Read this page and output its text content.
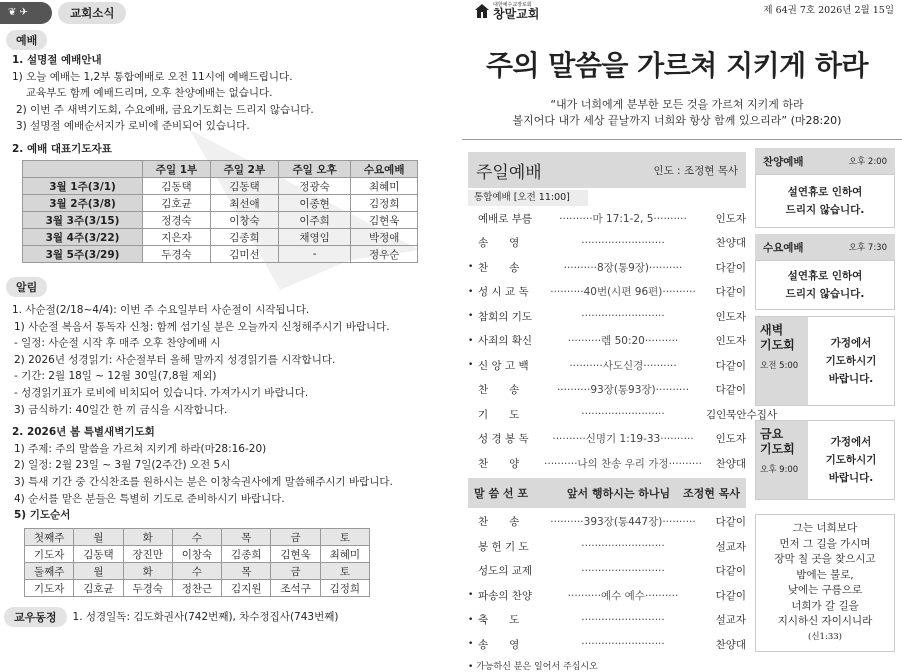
❦ ✈	교회소식
예배
1. 설명절 예배안내
1) 오늘 예배는 1,2부 통합예배로 오전 11시에 예배드립니다.
교육부도 함께 예배드리며, 오후 찬양예배는 없습니다.
2) 이번 주 새벽기도회, 수요예배, 금요기도회는 드리지 않습니다.
3) 설명절 예배순서지가 로비에 준비되어 있습니다.
2. 예배 대표기도자표
	주일 1부	주일 2부	주일 오후	수요예배
3월 1주(3/1)	김동택	김동택	정광숙	최혜미
3월 2주(3/8)	김호균	최선애	이종현	김정희
3월 3주(3/15)	정경숙	이창숙	이주희	김현욱
3월 4주(3/22)	지은자	김종희	채영임	박정애
3월 5주(3/29)	두경숙	김미선	-	정우순
알림
1. 사순절(2/18~4/4): 이번 주 수요일부터 사순절이 시작됩니다.
1) 사순절 복음서 통독자 신청: 함께 섬기실 분은 오늘까지 신청해주시기 바랍니다.
- 일정: 사순절 시작 후 매주 오후 찬양예배 시
2) 2026년 성경읽기: 사순절부터 올해 말까지 성경읽기를 시작합니다.
- 기간: 2월 18일 ~ 12월 30일(7,8월 제외)
- 성경읽기표가 로비에 비치되어 있습니다. 가져가시기 바랍니다.
3) 금식하기: 40일간 한 끼 금식을 시작합니다.
2. 2026년 봄 특별새벽기도회
1) 주제: 주의 말씀을 가르쳐 지키게 하라(마28:16-20)
2) 일정: 2월 23일 ~ 3월 7일(2주간) 오전 5시
3) 특새 기간 중 간식찬조를 원하시는 분은 이창숙권사에게 말씀해주시기 바랍니다.
4) 순서를 맡은 분들은 특별히 기도로 준비하시기 바랍니다.
5) 기도순서
첫째주	월	화	수	목	금	토
기도자	김동택	장진만	이창숙	김종희	김현욱	최혜미
둘째주	월	화	수	목	금	토
기도자	김호균	두경숙	정찬근	김지원	조석구	김정희
교우동정	1. 성경일독: 김도화권사(742번째), 차수정집사(743번째)
대한예수교장로회
창말교회	제 64권 7호 2026년 2월 15일
주의 말씀을 가르쳐 지키게 하라
“내가 너희에게 분부한 모든 것을 가르쳐 지키게 하라
볼지어다 내가 세상 끝날까지 너희와 항상 함께 있으리라” (마28:20)
주일예배	인도 : 조정현 목사
통합예배 [오전 11:00]
예배로 부름	··········마 17:1-2, 5··········	인도자
송　　영	·························	찬양대
• 찬　　송	··········8장(통9장)··········	다같이
• 성 시 교 독	··········40번(시편 96편)··········	다같이
• 참회의 기도	·························	인도자
• 사죄의 확신	··········렘 50:20··········	인도자
• 신 앙 고 백	··········사도신경··········	다같이
찬　　송	··········93장(통93장)··········	다같이
기　　도	·························	김인묵안수집사
성 경 봉 독	··········신명기 1:19-33··········	인도자
찬　　양	··········나의 찬송 우리 가정··········	찬양대
말 씀 선 포	앞서 행하시는 하나님	조정현 목사
찬　　송	··········393장(통447장)··········	다같이
봉 헌 기 도	·························	설교자
성도의 교제	·························	다같이
• 파송의 찬양	··········예수 예수··········	다같이
• 축　　도	·························	설교자
• 송　　영	·························	찬양대
• 가능하신 분은 일어서 주십시오
찬양예배	오후 2:00
설연휴로 인하여
드리지 않습니다.
수요예배	오후 7:30
설연휴로 인하여
드리지 않습니다.
새벽
기도회
오전 5:00
가정에서
기도하시기
바랍니다.
금요
기도회
오후 9:00
가정에서
기도하시기
바랍니다.
그는 너희보다
먼저 그 길을 가시며
장막 칠 곳을 찾으시고
밤에는 불로,
낮에는 구름으로
너희가 갈 길을
지시하신 자이시니라
(신1:33)
